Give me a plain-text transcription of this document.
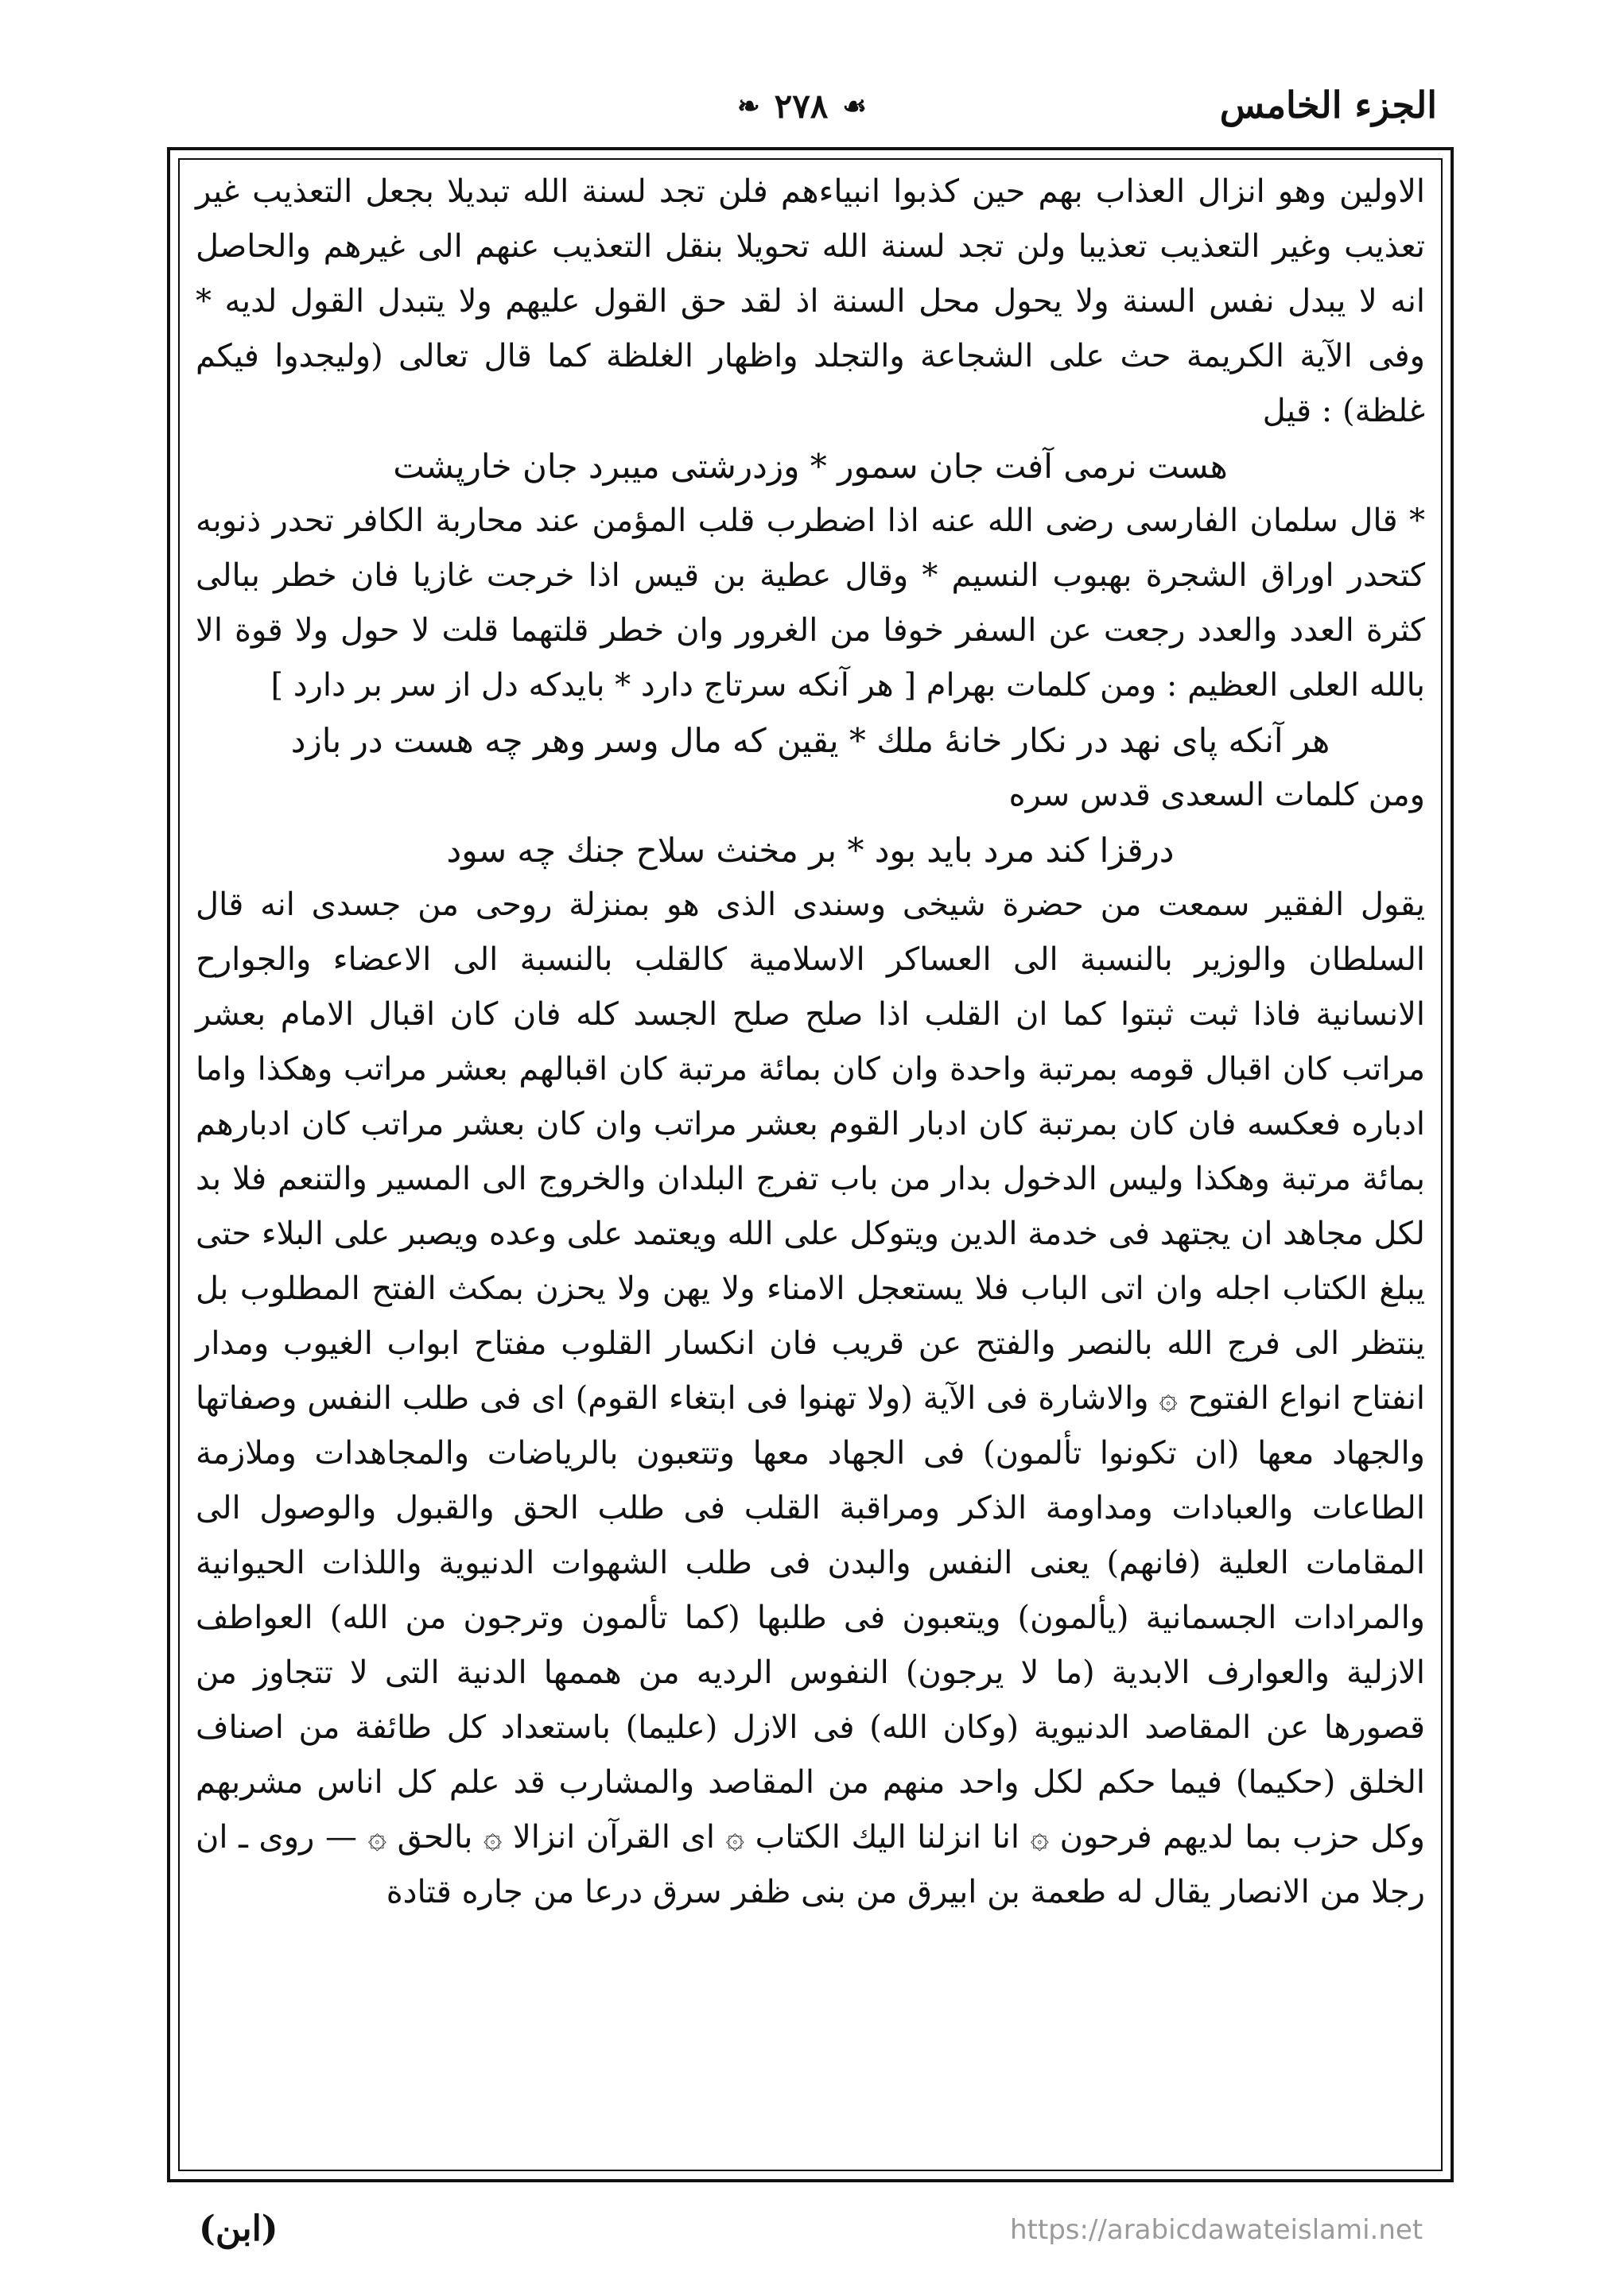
الجزء الخامس
❧ ٢٧٨ ☙

الاولين وهو انزال العذاب بهم حين كذبوا انبياءهم فلن تجد لسنة الله تبديلا بجعل التعذيب غير تعذيب وغير التعذيب تعذيبا ولن تجد لسنة الله تحويلا بنقل التعذيب عنهم الى غيرهم والحاصل انه لا يبدل نفس السنة ولا يحول محل السنة اذ لقد حق القول عليهم ولا يتبدل القول لديه * وفى الآية الكريمة حث على الشجاعة والتجلد واظهار الغلظة كما قال تعالى (وليجدوا فيكم غلظة) : قيل

هست نرمى آفت جان سمور * وزدرشتى ميبرد جان خارپشت

* قال سلمان الفارسى رضى الله عنه اذا اضطرب قلب المؤمن عند محاربة الكافر تحدر ذنوبه كتحدر اوراق الشجرة بهبوب النسيم * وقال عطية بن قيس اذا خرجت غازيا فان خطر ببالى كثرة العدد والعدد رجعت عن السفر خوفا من الغرور وان خطر قلتهما قلت لا حول ولا قوة الا بالله العلى العظيم : ومن كلمات بهرام [ هر آنكه سرتاج دارد * بايدكه دل از سر بر دارد ]

هر آنكه پاى نهد در نكار خانۀ ملك * يقين كه مال وسر وهر چه هست در بازد

ومن كلمات السعدى قدس سره

درقزا كند مرد بايد بود * بر مخنث سلاح جنك چه سود

يقول الفقير سمعت من حضرة شيخى وسندى الذى هو بمنزلة روحى من جسدى انه قال السلطان والوزير بالنسبة الى العساكر الاسلامية كالقلب بالنسبة الى الاعضاء والجوارح الانسانية فاذا ثبت ثبتوا كما ان القلب اذا صلح صلح الجسد كله فان كان اقبال الامام بعشر مراتب كان اقبال قومه بمرتبة واحدة وان كان بمائة مرتبة كان اقبالهم بعشر مراتب وهكذا واما ادباره فعكسه فان كان بمرتبة كان ادبار القوم بعشر مراتب وان كان بعشر مراتب كان ادبارهم بمائة مرتبة وهكذا وليس الدخول بدار من باب تفرج البلدان والخروج الى المسير والتنعم فلا بد لكل مجاهد ان يجتهد فى خدمة الدين ويتوكل على الله ويعتمد على وعده ويصبر على البلاء حتى يبلغ الكتاب اجله وان اتى الباب فلا يستعجل الامناء ولا يهن ولا يحزن بمكث الفتح المطلوب بل ينتظر الى فرج الله بالنصر والفتح عن قريب فان انكسار القلوب مفتاح ابواب الغيوب ومدار انفتاح انواع الفتوح ۞ والاشارة فى الآية (ولا تهنوا فى ابتغاء القوم) اى فى طلب النفس وصفاتها والجهاد معها (ان تكونوا تألمون) فى الجهاد معها وتتعبون بالرياضات والمجاهدات وملازمة الطاعات والعبادات ومداومة الذكر ومراقبة القلب فى طلب الحق والقبول والوصول الى المقامات العلية (فانهم) يعنى النفس والبدن فى طلب الشهوات الدنيوية واللذات الحيوانية والمرادات الجسمانية (يألمون) ويتعبون فى طلبها (كما تألمون وترجون من الله) العواطف الازلية والعوارف الابدية (ما لا يرجون) النفوس الرديه من هممها الدنية التى لا تتجاوز من قصورها عن المقاصد الدنيوية (وكان الله) فى الازل (عليما) باستعداد كل طائفة من اصناف الخلق (حكيما) فيما حكم لكل واحد منهم من المقاصد والمشارب قد علم كل اناس مشربهم وكل حزب بما لديهم فرحون ۞ انا انزلنا اليك الكتاب ۞ اى القرآن انزالا ۞ بالحق ۞ — روى ـ ان رجلا من الانصار يقال له طعمة بن ابيرق من بنى ظفر سرق درعا من جاره قتادة

(ابن)	https://arabicdawateislami.net
